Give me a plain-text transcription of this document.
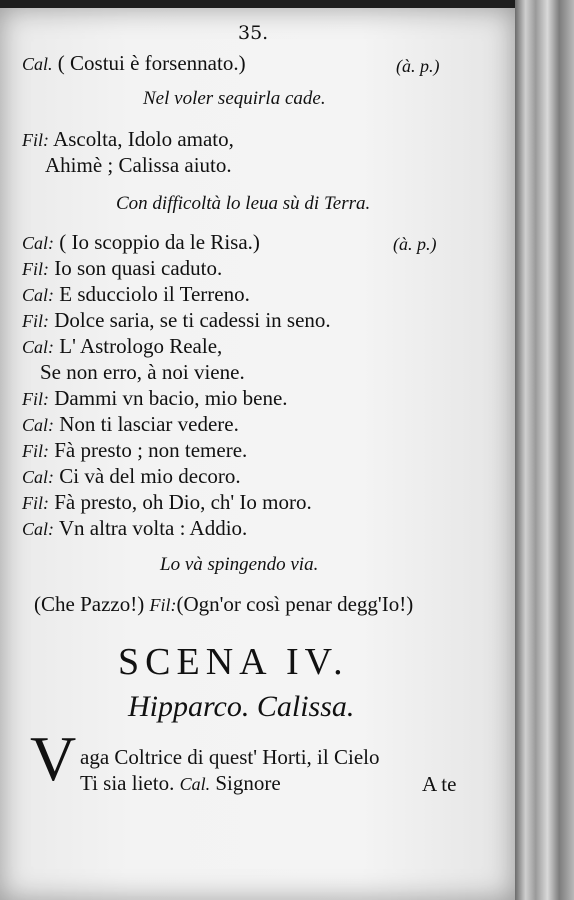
35.
Cal. ( Costui è forsennato.)	(à. p.)
Nel voler sequirla cade.
Fil: Ascolta, Idolo amato,
Ahimè ; Calissa aiuto.
Con difficoltà lo leua sù di Terra.
Cal: ( Io scoppio da le Risa.)	(à. p.)
Fil: Io son quasi caduto.
Cal: E sducciolo il Terreno.
Fil: Dolce saria, se ti cadessi in seno.
Cal: L' Astrologo Reale,
Se non erro, à noi viene.
Fil: Dammi vn bacio, mio bene.
Cal: Non ti lasciar vedere.
Fil: Fà presto ; non temere.
Cal: Ci và del mio decoro.
Fil: Fà presto, oh Dio, ch' Io moro.
Cal: Vn altra volta : Addio.
Lo và spingendo via.
(Che Pazzo!) Fil:(Ogn'or così penar degg'Io!)
SCENA IV.
Hipparco. Calissa.
V aga Coltrice di quest' Horti, il Cielo
Ti sia lieto. Cal. Signore	A te
